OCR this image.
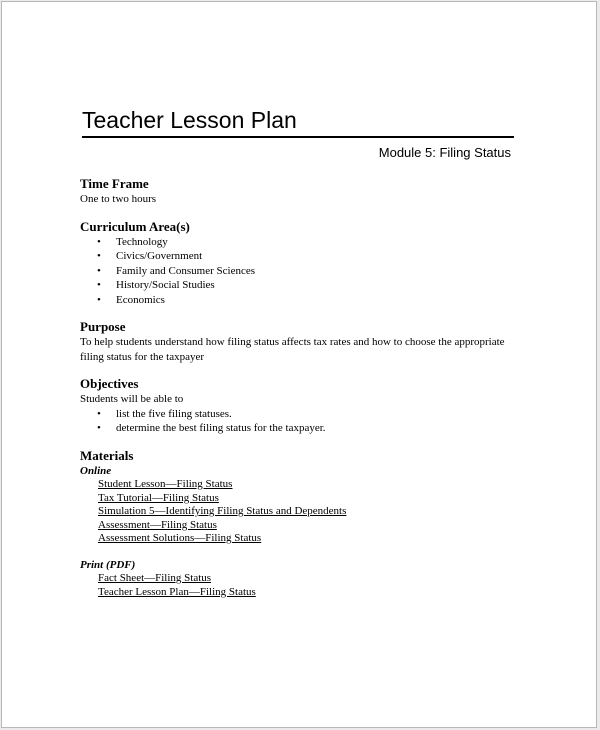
Teacher Lesson Plan
Module 5: Filing Status

Time Frame

One to two hours

Curriculum Area(s)

• Technology
• Civics/Government
• Family and Consumer Sciences
• History/Social Studies
• Economics

Purpose

To help students understand how filing status affects tax rates and how to choose the appropriate filing status for the taxpayer

Objectives

Students will be able to

• list the five filing statuses.
• determine the best filing status for the taxpayer.

Materials

Online

Student Lesson—Filing Status
Tax Tutorial—Filing Status
Simulation 5—Identifying Filing Status and Dependents
Assessment—Filing Status
Assessment Solutions—Filing Status

Print (PDF)

Fact Sheet—Filing Status
Teacher Lesson Plan—Filing Status
